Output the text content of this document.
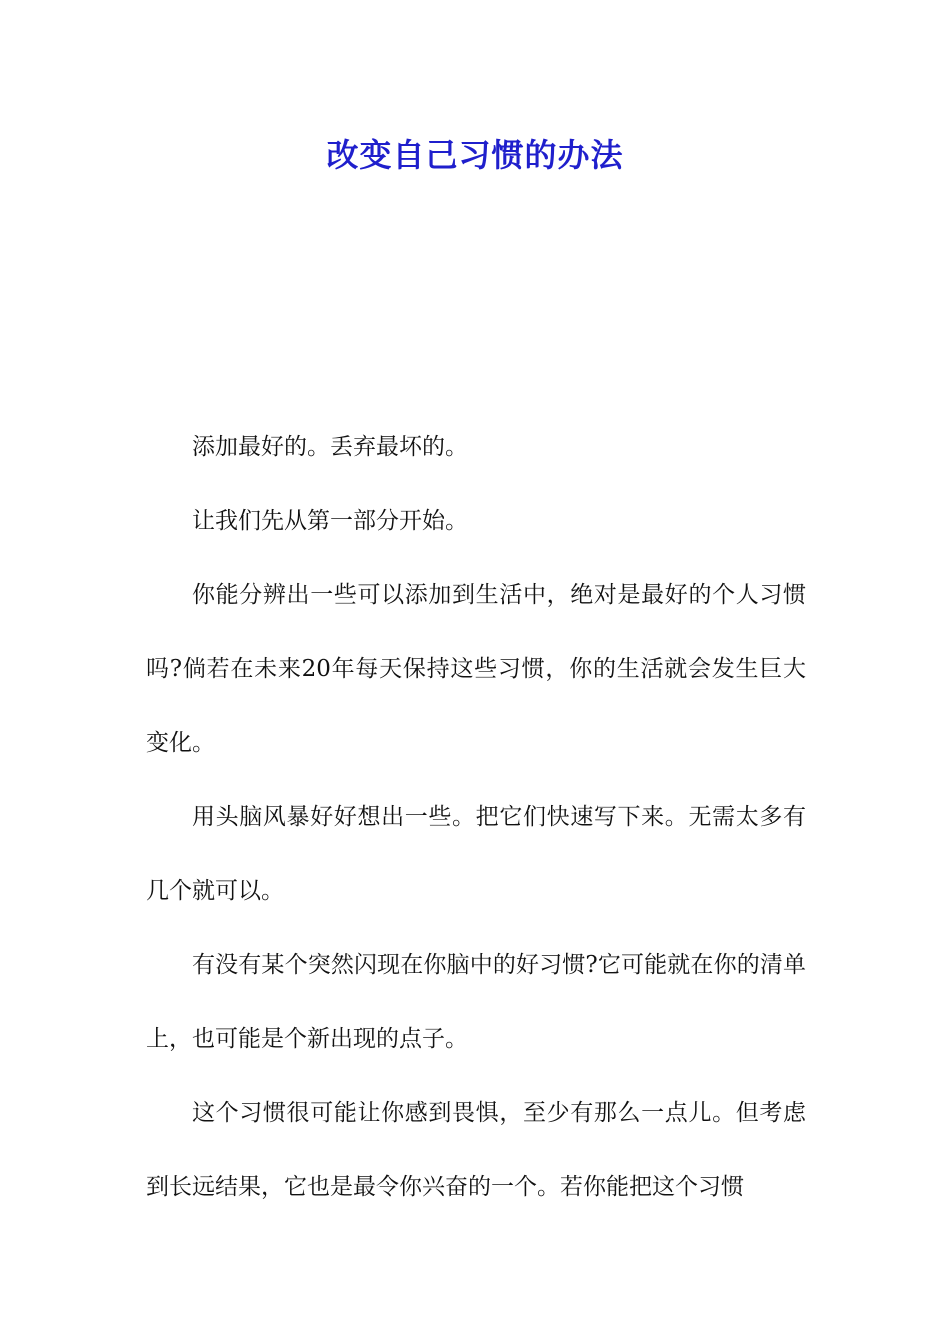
改变自己习惯的办法

添加最好的。丢弃最坏的。

让我们先从第一部分开始。

你能分辨出一些可以添加到生活中，绝对是最好的个人习惯吗?倘若在未来20年每天保持这些习惯，你的生活就会发生巨大变化。

用头脑风暴好好想出一些。把它们快速写下来。无需太多有几个就可以。

有没有某个突然闪现在你脑中的好习惯?它可能就在你的清单上，也可能是个新出现的点子。

这个习惯很可能让你感到畏惧，至少有那么一点儿。但考虑到长远结果，它也是最令你兴奋的一个。若你能把这个习惯
